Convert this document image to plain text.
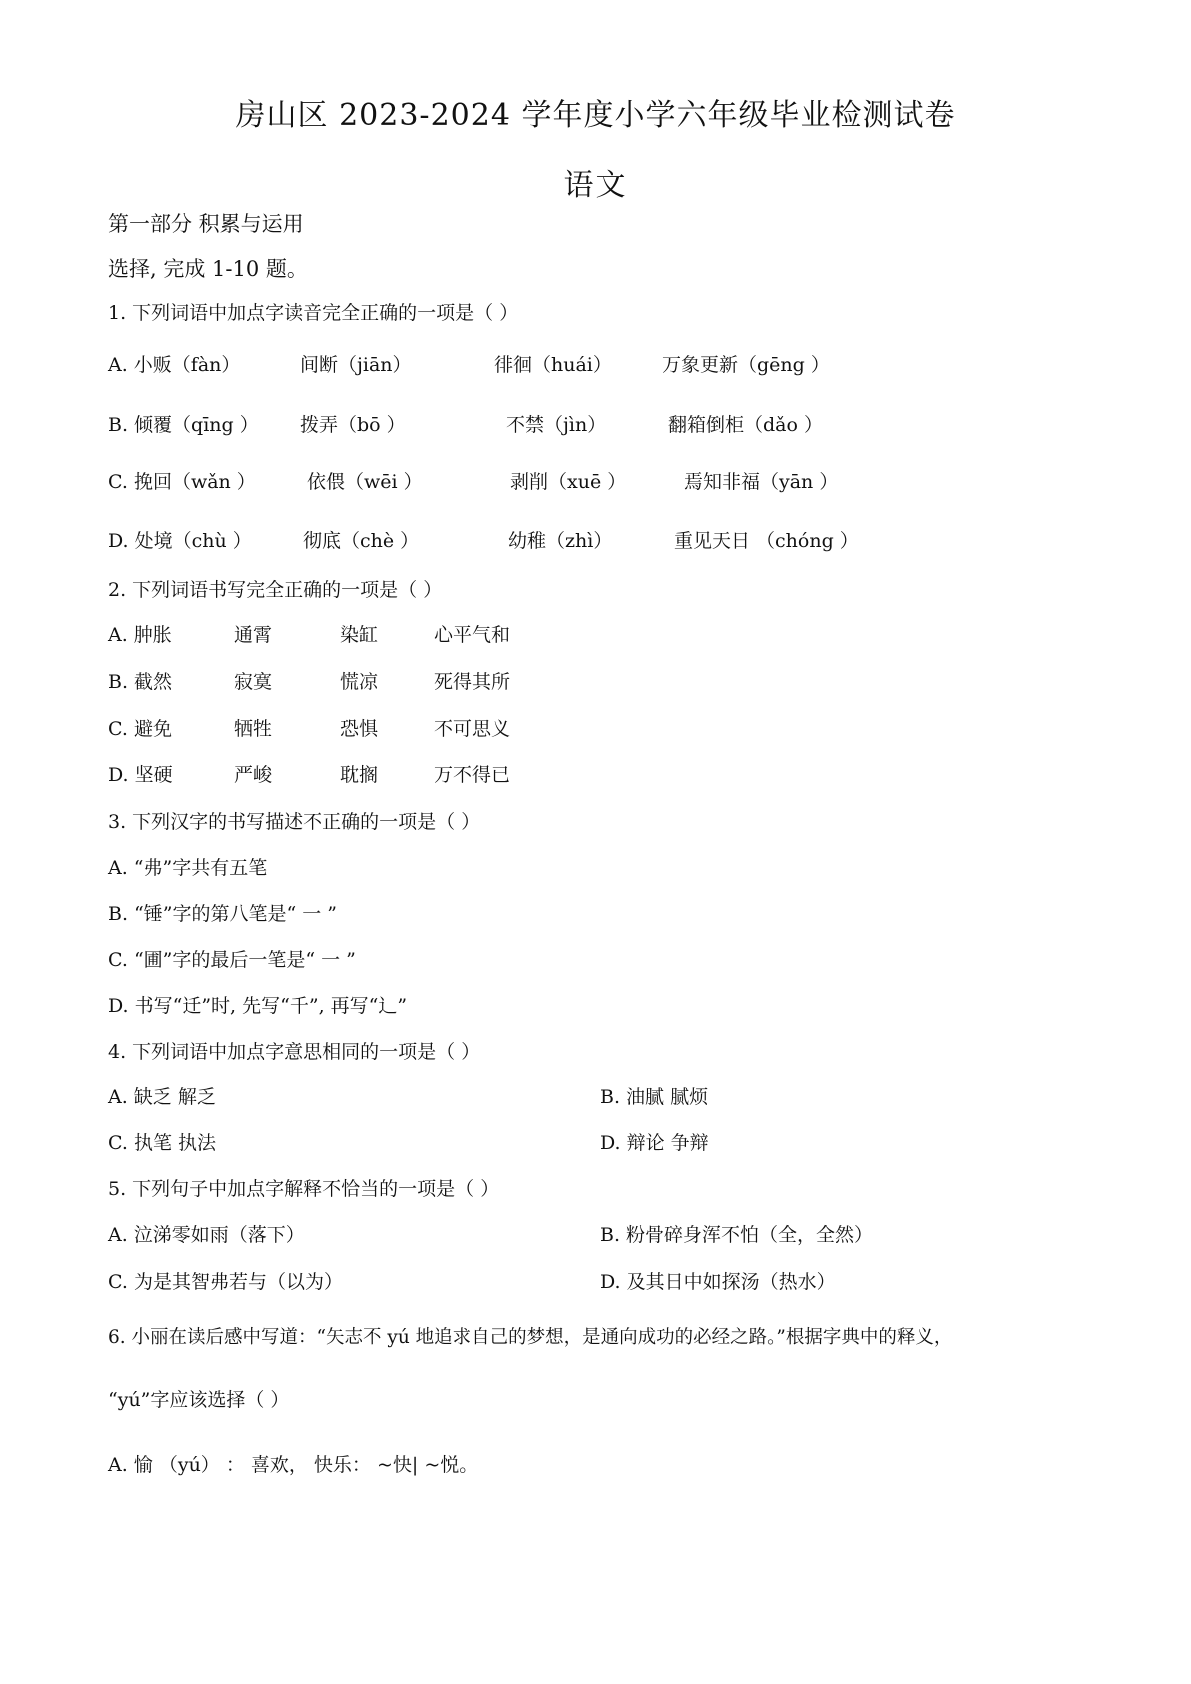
房山区 2023-2024 学年度小学六年级毕业检测试卷
语文
第一部分 积累与运用
选择, 完成 1-10 题。
1. 下列词语中加点字读音完全正确的一项是（ ）
A. 小贩（fàn）	间断（jiān）	徘徊（huái）	万象更新（gēng ）
B. 倾覆（qīng ） 拨弄（bō ）	不禁（jìn）	翻箱倒柜（dǎo ）
C. 挽回（wǎn ）	依偎（wēi ）	剥削（xuē ）	焉知非福（yān ）
D. 处境（chù ）	彻底（chè ）	幼稚（zhì）	重见天日 （chóng ）
2. 下列词语书写完全正确的一项是（ ）
A. 肿胀	通霄	染缸	心平气和
B. 截然	寂寞	慌凉	死得其所
C. 避免	牺牲	恐惧	不可思义
D. 坚硬	严峻	耽搁	万不得已
3. 下列汉字的书写描述不正确的一项是（ ）
A. “弗”字共有五笔
B. “锤”字的第八笔是“ 一 ”
C. “圃”字的最后一笔是“ 一 ”
D. 书写“迁”时, 先写“千”, 再写“辶”
4. 下列词语中加点字意思相同的一项是（ ）
A. 缺乏 解乏	B. 油腻 腻烦
C. 执笔 执法	D. 辩论 争辩
5. 下列句子中加点字解释不恰当的一项是（ ）
A. 泣涕零如雨（落下）	B. 粉骨碎身浑不怕（全，全然）
C. 为是其智弗若与（以为）	D. 及其日中如探汤（热水）
6. 小丽在读后感中写道：“矢志不 yú 地追求自己的梦想，是通向成功的必经之路。”根据字典中的释义，
“yú”字应该选择（ ）
A. 愉 （yú） ： 喜欢， 快乐： ~快| ~悦。
